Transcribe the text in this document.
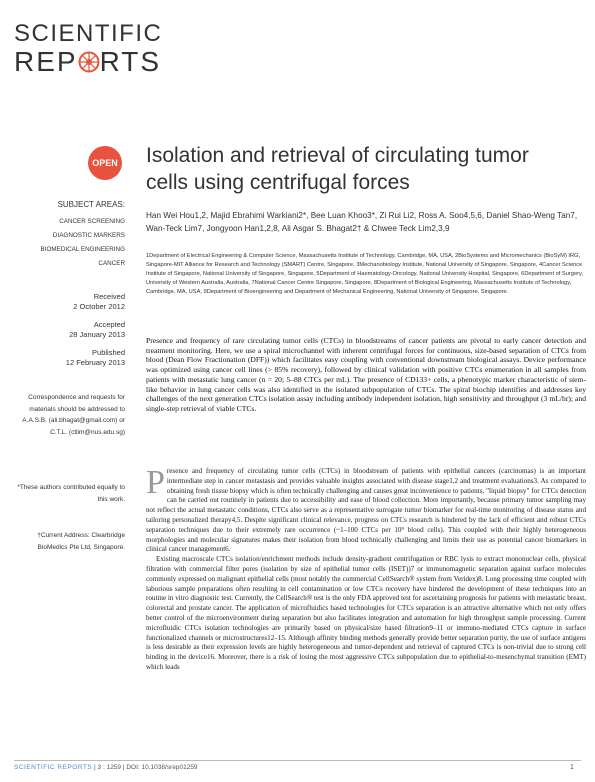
SCIENTIFIC
REP RTS
OPEN Isolation and retrieval of circulating tumor cells using centrifugal forces
SUBJECT AREAS:
CANCER SCREENING
DIAGNOSTIC MARKERS
BIOMEDICAL ENGINEERING
CANCER
Received
2 October 2012
Accepted
28 January 2013
Published
12 February 2013
Correspondence and requests for materials should be addressed to A.A.S.B. (ali.bhagat@gmail.com) or C.T.L. (ctlim@nus.edu.sg)
*These authors contributed equally to this work.
†Current Address: Clearbridge BioMedics Pte Ltd, Singapore.
Han Wei Hou1,2, Majid Ebrahimi Warkiani2*, Bee Luan Khoo3*, Zi Rui Li2, Ross A. Soo4,5,6, Daniel Shao-Weng Tan7, Wan-Teck Lim7, Jongyoon Han1,2,8, Ali Asgar S. Bhagat2† & Chwee Teck Lim2,3,9
1Department of Electrical Engineering & Computer Science, Massachusetts Institute of Technology, Cambridge, MA, USA, 2BioSystems and Micromechanics (BioSyM) IRG, Singapore-MIT Alliance for Research and Technology (SMART) Centre, Singapore, 3Mechanobiology Institute, National University of Singapore, Singapore, 4Cancer Science Institute of Singapore, National University of Singapore, Singapore, 5Department of Haematology-Oncology, National University Hospital, Singapore, 6Department of Surgery, University of Western Australia, Australia, 7National Cancer Centre Singapore, Singapore, 8Department of Biological Engineering, Massachusetts Institute of Technology, Cambridge, MA, USA, 9Department of Bioengineering and Department of Mechanical Engineering, National University of Singapore, Singapore.
Presence and frequency of rare circulating tumor cells (CTCs) in bloodstreams of cancer patients are pivotal to early cancer detection and treatment monitoring. Here, we use a spiral microchannel with inherent centrifugal forces for continuous, size-based separation of CTCs from blood (Dean Flow Fractionation (DFF)) which facilitates easy coupling with conventional downstream biological assays. Device performance was optimized using cancer cell lines (> 85% recovery), followed by clinical validation with positive CTCs enumeration in all samples from patients with metastatic lung cancer (n = 20; 5–88 CTCs per mL). The presence of CD133+ cells, a phenotypic marker characteristic of stem-like behavior in lung cancer cells was also identified in the isolated subpopulation of CTCs. The spiral biochip identifies and addresses key challenges of the next generation CTCs isolation assay including antibody independent isolation, high sensitivity and throughput (3 mL/hr); and single-step retrieval of viable CTCs.
P resence and frequency of circulating tumor cells (CTCs) in bloodstream of patients with epithelial cancers (carcinomas) is an important intermediate step in cancer metastasis and provides valuable insights associated with disease stage1,2 and treatment evaluations3. As compared to obtaining fresh tissue biopsy which is often technically challenging and causes great inconvenience to patients, "liquid biopsy" for CTCs detection can be carried out routinely in patients due to accessibility and ease of blood collection. More importantly, because primary tumor sampling may not reflect the actual metastatic conditions, CTCs also serve as a representative surrogate tumor biomarker for real-time monitoring of disease status and tailoring personalized therapy4,5. Despite significant clinical relevance, progress on CTCs research is hindered by the lack of efficient and robust CTCs separation techniques due to their extremely rare occurrence (~1–100 CTCs per 10⁹ blood cells). This coupled with their highly heterogeneous morphologies and molecular signatures makes their isolation from blood technically challenging and limits their use as potential cancer biomarkers in clinical cancer management6.

Existing macroscale CTCs isolation/enrichment methods include density-gradient centrifugation or RBC lysis to extract mononuclear cells, physical filtration with commercial filter pores (isolation by size of epithelial tumor cells (ISET))7 or immunomagnetic separation against surface molecules commonly expressed on malignant epithelial cells (most notably the commercial CellSearch® system from Veridex)8. Long processing time coupled with laborious sample preparations often resulting in cell contamination or low CTCs recovery have hindered the development of these techniques into an routine in vitro diagnostic test. Currently, the CellSearch® test is the only FDA approved test for ascertaining prognosis for patients with metastatic breast, colorectal and prostate cancer. The application of microfluidics based technologies for CTCs separation is an attractive alternative which not only offers better control of the microenvironment during separation but also facilitates integration and automation for high throughput sample processing. Current microfluidic CTCs isolation technologies are primarily based on physical/size based filtration9–11 or immuno-mediated CTCs capture in surface functionalized channels or microstructures12–15. Although affinity binding methods generally provide better separation purity, the use of surface antigens is less desirable as their expression levels are highly heterogeneous and tumor-dependent and retrieval of captured CTCs is non-trivial due to strong cell binding in the device16. Moreover, there is a risk of losing the most aggressive CTCs subpopulation due to epithelial-to-mesenchymal transition (EMT) which leads

SCIENTIFIC REPORTS | 3 : 1259 | DOI: 10.1038/srep01259	1
